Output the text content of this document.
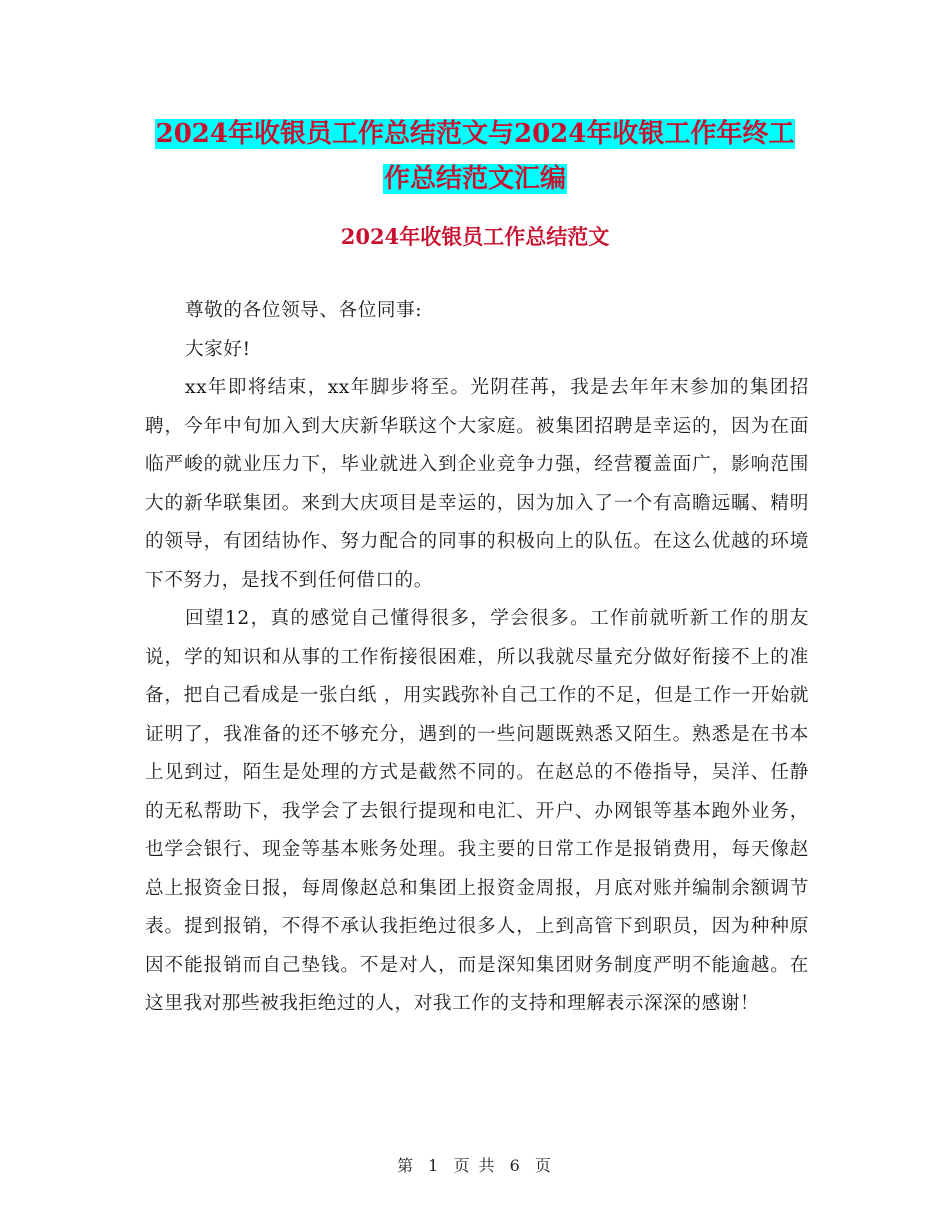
2024年收银员工作总结范文与2024年收银工作年终工
作总结范文汇编
2024年收银员工作总结范文

尊敬的各位领导、各位同事:

大家好!

xx年即将结束，xx年脚步将至。光阴荏苒，我是去年年末参加的集团招聘，今年中旬加入到大庆新华联这个大家庭。被集团招聘是幸运的，因为在面临严峻的就业压力下，毕业就进入到企业竞争力强，经营覆盖面广，影响范围大的新华联集团。来到大庆项目是幸运的，因为加入了一个有高瞻远瞩、精明的领导，有团结协作、努力配合的同事的积极向上的队伍。在这么优越的环境下不努力，是找不到任何借口的。

回望12，真的感觉自己懂得很多，学会很多。工作前就听新工作的朋友说，学的知识和从事的工作衔接很困难，所以我就尽量充分做好衔接不上的准备，把自己看成是一张白纸 ，用实践弥补自己工作的不足，但是工作一开始就证明了，我准备的还不够充分，遇到的一些问题既熟悉又陌生。熟悉是在书本上见到过，陌生是处理的方式是截然不同的。在赵总的不倦指导，吴洋、任静的无私帮助下，我学会了去银行提现和电汇、开户、办网银等基本跑外业务，也学会银行、现金等基本账务处理。我主要的日常工作是报销费用，每天像赵总上报资金日报，每周像赵总和集团上报资金周报，月底对账并编制余额调节表。提到报销，不得不承认我拒绝过很多人，上到高管下到职员，因为种种原因不能报销而自己垫钱。不是对人，而是深知集团财务制度严明不能逾越。在这里我对那些被我拒绝过的人，对我工作的支持和理解表示深深的感谢！

第 1 页 共 6 页
